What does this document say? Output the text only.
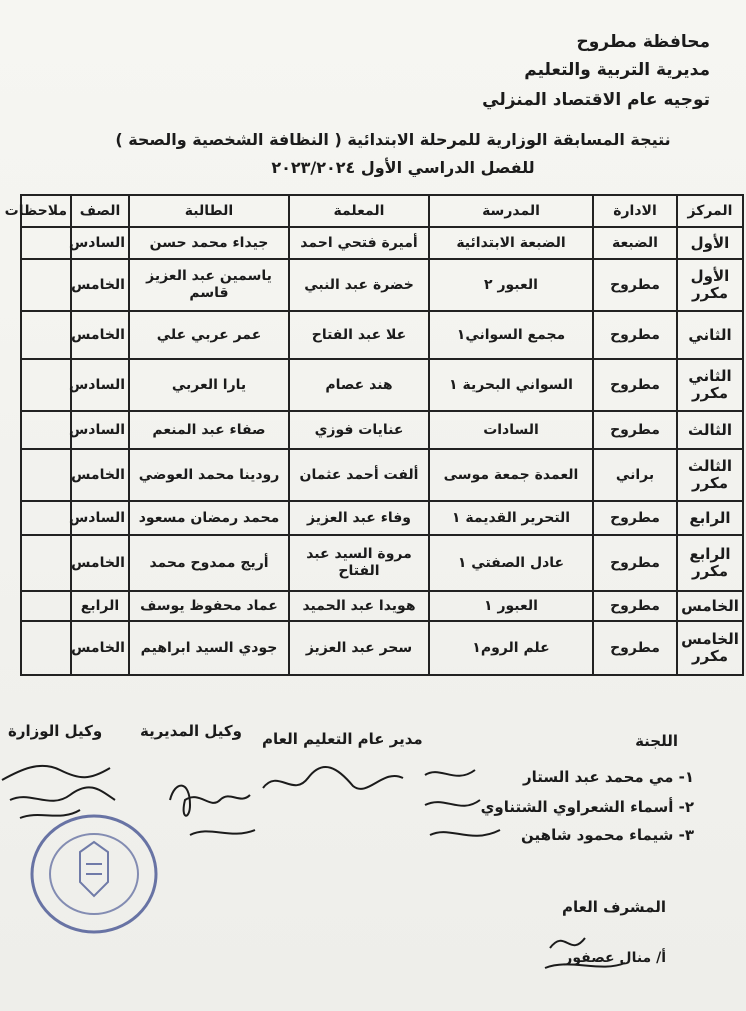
محافظة مطروح
مديرية التربية والتعليم
توجيه عام الاقتصاد المنزلي
نتيجة المسابقة الوزارية للمرحلة الابتدائية ( النظافة الشخصية والصحة )
للفصل الدراسي الأول ٢٠٢٣/٢٠٢٤
المركز	الادارة	المدرسة	المعلمة	الطالبة	الصف	ملاحظات
الأول	الضبعة	الضبعة الابتدائية	أميرة فتحي احمد	جيداء محمد حسن	السادس	
الأول مكرر	مطروح	العبور ٢	خضرة عبد النبي	ياسمين عبد العزيز قاسم	الخامس	
الثاني	مطروح	مجمع السواني١	علا عبد الفتاح	عمر عربي علي	الخامس	
الثاني مكرر	مطروح	السواني البحرية ١	هند عصام	يارا العربي	السادس	
الثالث	مطروح	السادات	عنايات فوزي	صفاء عبد المنعم	السادس	
الثالث مكرر	براني	العمدة جمعة موسى	ألفت أحمد عثمان	رودينا محمد العوضي	الخامس	
الرابع	مطروح	التحرير القديمة ١	وفاء عبد العزيز	محمد رمضان مسعود	السادس	
الرابع مكرر	مطروح	عادل الصفتي ١	مروة السيد عبد الفتاح	أريج ممدوح محمد	الخامس	
الخامس	مطروح	العبور ١	هويدا عبد الحميد	عماد محفوظ يوسف	الرابع	
الخامس مكرر	مطروح	علم الروم١	سحر عبد العزيز	جودي السيد ابراهيم	الخامس	
وكيل الوزارة	وكيل المديرية مدير عام التعليم العام	اللجنة
١- مي محمد عبد الستار
٢- أسماء الشعراوي الشتناوي
٣- شيماء محمود شاهين
المشرف العام
أ/ منال عصفور
